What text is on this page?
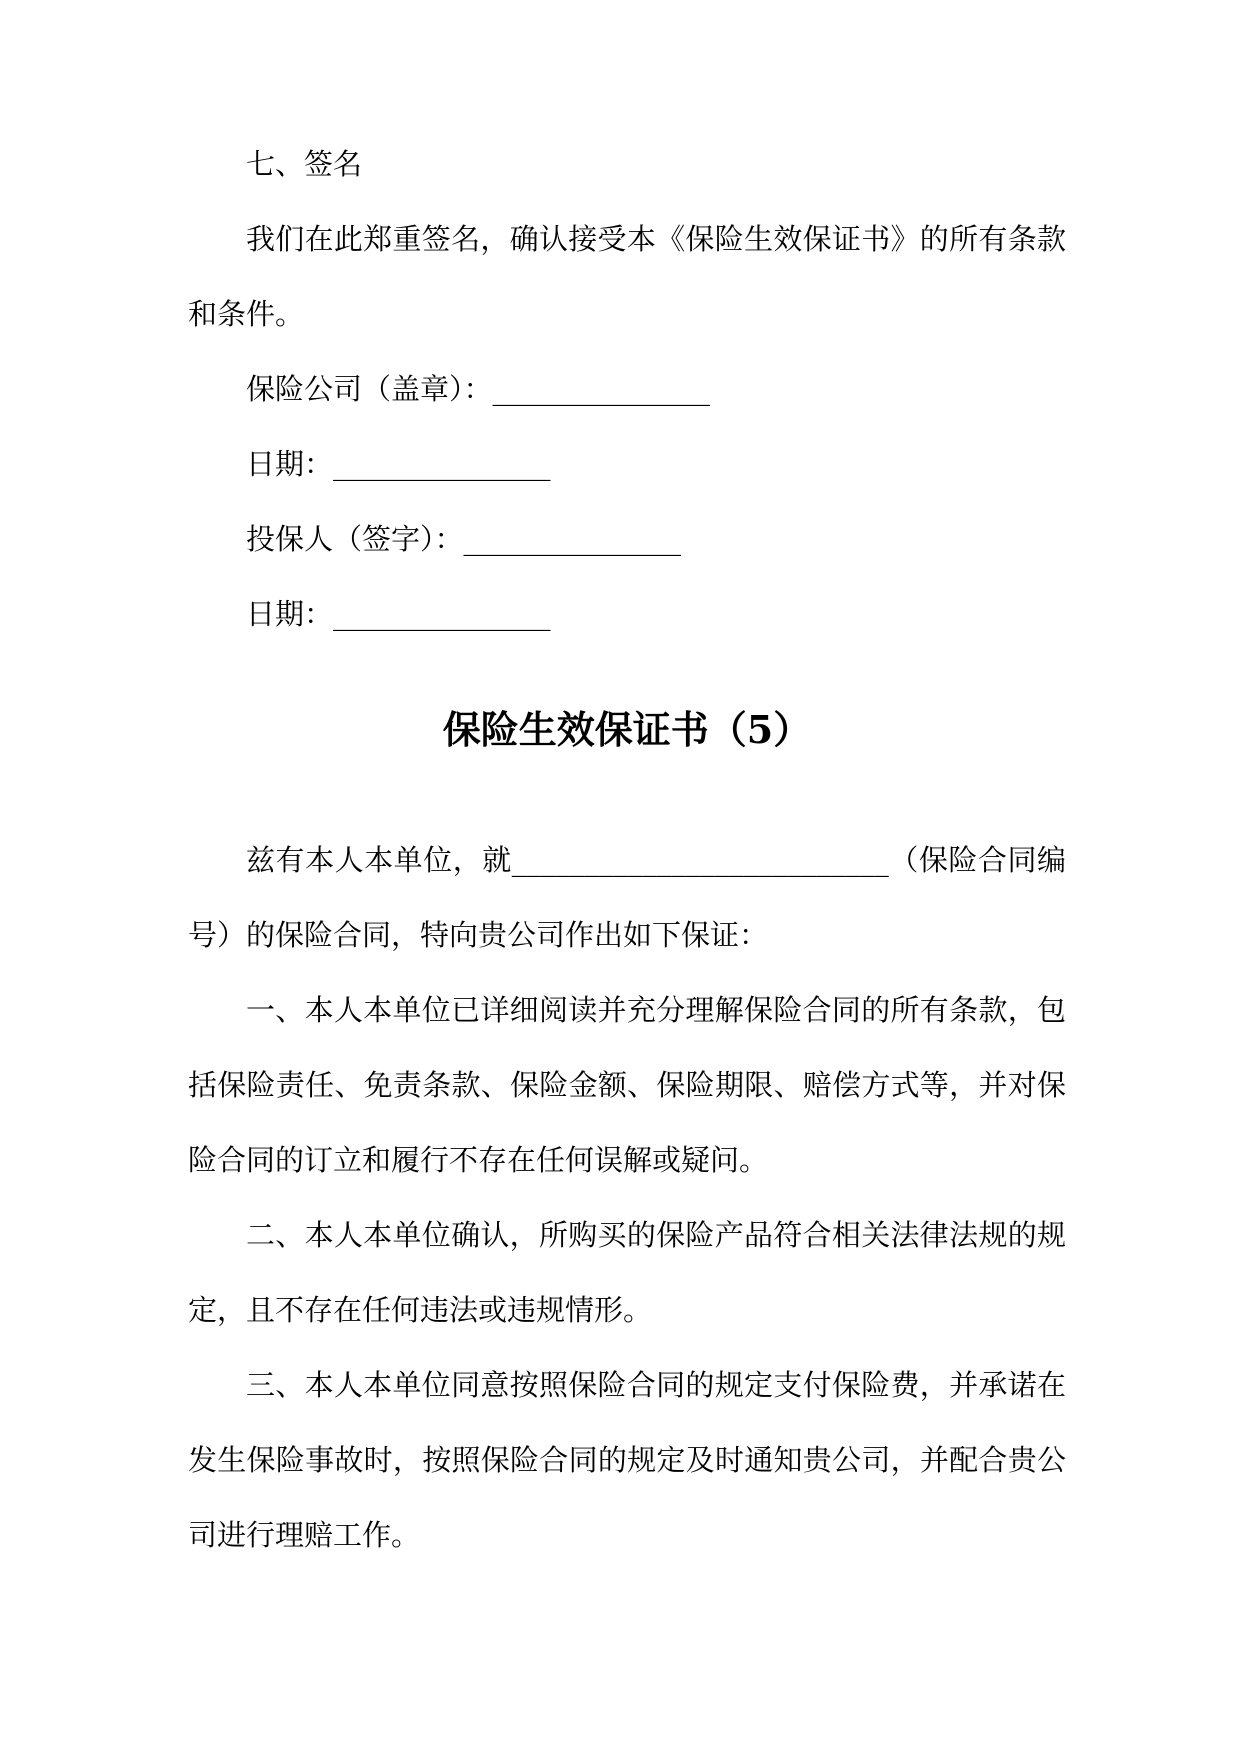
七、签名

我们在此郑重签名，确认接受本《保险生效保证书》的所有条款和条件。

保险公司（盖章）：_______________

日期：_______________

投保人（签字）：_______________

日期：_______________

保险生效保证书（5）

兹有本人本单位，就__________________________（保险合同编号）的保险合同，特向贵公司作出如下保证：

一、本人本单位已详细阅读并充分理解保险合同的所有条款，包括保险责任、免责条款、保险金额、保险期限、赔偿方式等，并对保险合同的订立和履行不存在任何误解或疑问。

二、本人本单位确认，所购买的保险产品符合相关法律法规的规定，且不存在任何违法或违规情形。

三、本人本单位同意按照保险合同的规定支付保险费，并承诺在发生保险事故时，按照保险合同的规定及时通知贵公司，并配合贵公司进行理赔工作。
